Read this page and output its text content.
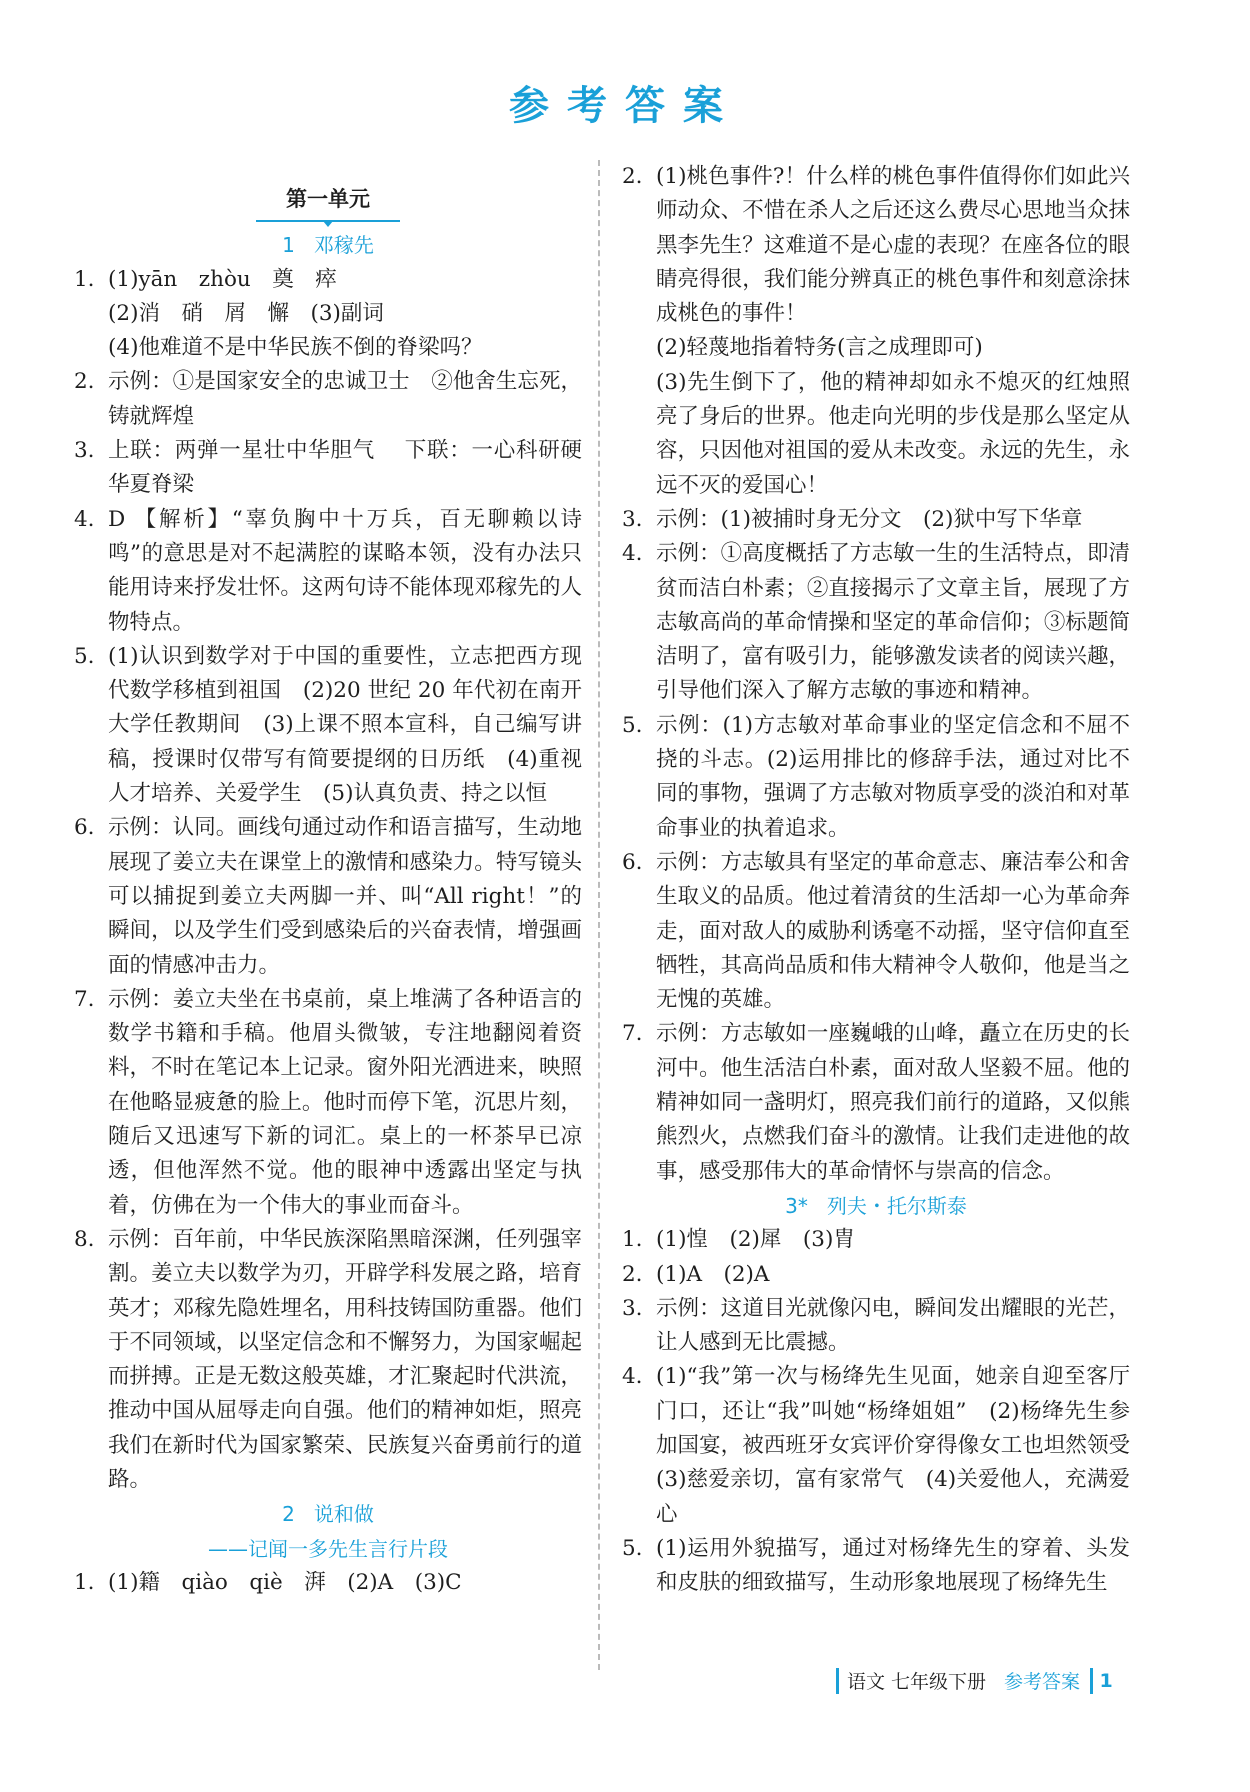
参考答案
第一单元
1 邓稼先
1. (1)yān　zhòu　奠　瘁
(2)消　硝　屑　懈　(3)副词
(4)他难道不是中华民族不倒的脊梁吗？
2. 示例：①是国家安全的忠诚卫士　②他舍生忘死，铸就辉煌
3. 上联：两弹一星壮中华胆气　 下联：一心科研硬华夏脊梁
4. D 【解析】“辜负胸中十万兵，百无聊赖以诗鸣”的意思是对不起满腔的谋略本领，没有办法只能用诗来抒发壮怀。这两句诗不能体现邓稼先的人物特点。
5. (1)认识到数学对于中国的重要性，立志把西方现代数学移植到祖国　(2)20 世纪 20 年代初在南开大学任教期间　(3)上课不照本宣科，自己编写讲稿，授课时仅带写有简要提纲的日历纸　(4)重视人才培养、关爱学生　(5)认真负责、持之以恒
6. 示例：认同。画线句通过动作和语言描写，生动地展现了姜立夫在课堂上的激情和感染力。特写镜头可以捕捉到姜立夫两脚一并、叫“All right！”的瞬间，以及学生们受到感染后的兴奋表情，增强画面的情感冲击力。
7. 示例：姜立夫坐在书桌前，桌上堆满了各种语言的数学书籍和手稿。他眉头微皱，专注地翻阅着资料，不时在笔记本上记录。窗外阳光洒进来，映照在他略显疲惫的脸上。他时而停下笔，沉思片刻，随后又迅速写下新的词汇。桌上的一杯茶早已凉透，但他浑然不觉。他的眼神中透露出坚定与执着，仿佛在为一个伟大的事业而奋斗。
8. 示例：百年前，中华民族深陷黑暗深渊，任列强宰割。姜立夫以数学为刃，开辟学科发展之路，培育英才；邓稼先隐姓埋名，用科技铸国防重器。他们于不同领域，以坚定信念和不懈努力，为国家崛起而拼搏。正是无数这般英雄，才汇聚起时代洪流，推动中国从屈辱走向自强。他们的精神如炬，照亮我们在新时代为国家繁荣、民族复兴奋勇前行的道路。
2 说和做
——记闻一多先生言行片段
1. (1)籍　qiào　qiè　湃　(2)A　(3)C
2. (1)桃色事件?！什么样的桃色事件值得你们如此兴师动众、不惜在杀人之后还这么费尽心思地当众抹黑李先生？这难道不是心虚的表现？在座各位的眼睛亮得很，我们能分辨真正的桃色事件和刻意涂抹成桃色的事件！
(2)轻蔑地指着特务(言之成理即可)
(3)先生倒下了，他的精神却如永不熄灭的红烛照亮了身后的世界。他走向光明的步伐是那么坚定从容，只因他对祖国的爱从未改变。永远的先生，永远不灭的爱国心！
3. 示例：(1)被捕时身无分文　(2)狱中写下华章
4. 示例：①高度概括了方志敏一生的生活特点，即清贫而洁白朴素；②直接揭示了文章主旨，展现了方志敏高尚的革命情操和坚定的革命信仰；③标题简洁明了，富有吸引力，能够激发读者的阅读兴趣，引导他们深入了解方志敏的事迹和精神。
5. 示例：(1)方志敏对革命事业的坚定信念和不屈不挠的斗志。(2)运用排比的修辞手法，通过对比不同的事物，强调了方志敏对物质享受的淡泊和对革命事业的执着追求。
6. 示例：方志敏具有坚定的革命意志、廉洁奉公和舍生取义的品质。他过着清贫的生活却一心为革命奔走，面对敌人的威胁利诱毫不动摇，坚守信仰直至牺牲，其高尚品质和伟大精神令人敬仰，他是当之无愧的英雄。
7. 示例：方志敏如一座巍峨的山峰，矗立在历史的长河中。他生活洁白朴素，面对敌人坚毅不屈。他的精神如同一盏明灯，照亮我们前行的道路，又似熊熊烈火，点燃我们奋斗的激情。让我们走进他的故事，感受那伟大的革命情怀与崇高的信念。
3* 列夫・托尔斯泰
1. (1)惶　(2)犀　(3)胄
2. (1)A　(2)A
3. 示例：这道目光就像闪电，瞬间发出耀眼的光芒，让人感到无比震撼。
4. (1)“我”第一次与杨绛先生见面，她亲自迎至客厅门口，还让“我”叫她“杨绛姐姐”　(2)杨绛先生参加国宴，被西班牙女宾评价穿得像女工也坦然领受　(3)慈爱亲切，富有家常气　(4)关爱他人，充满爱心
5. (1)运用外貌描写，通过对杨绛先生的穿着、头发和皮肤的细致描写，生动形象地展现了杨绛先生
语文 七年级下册 参考答案	1
